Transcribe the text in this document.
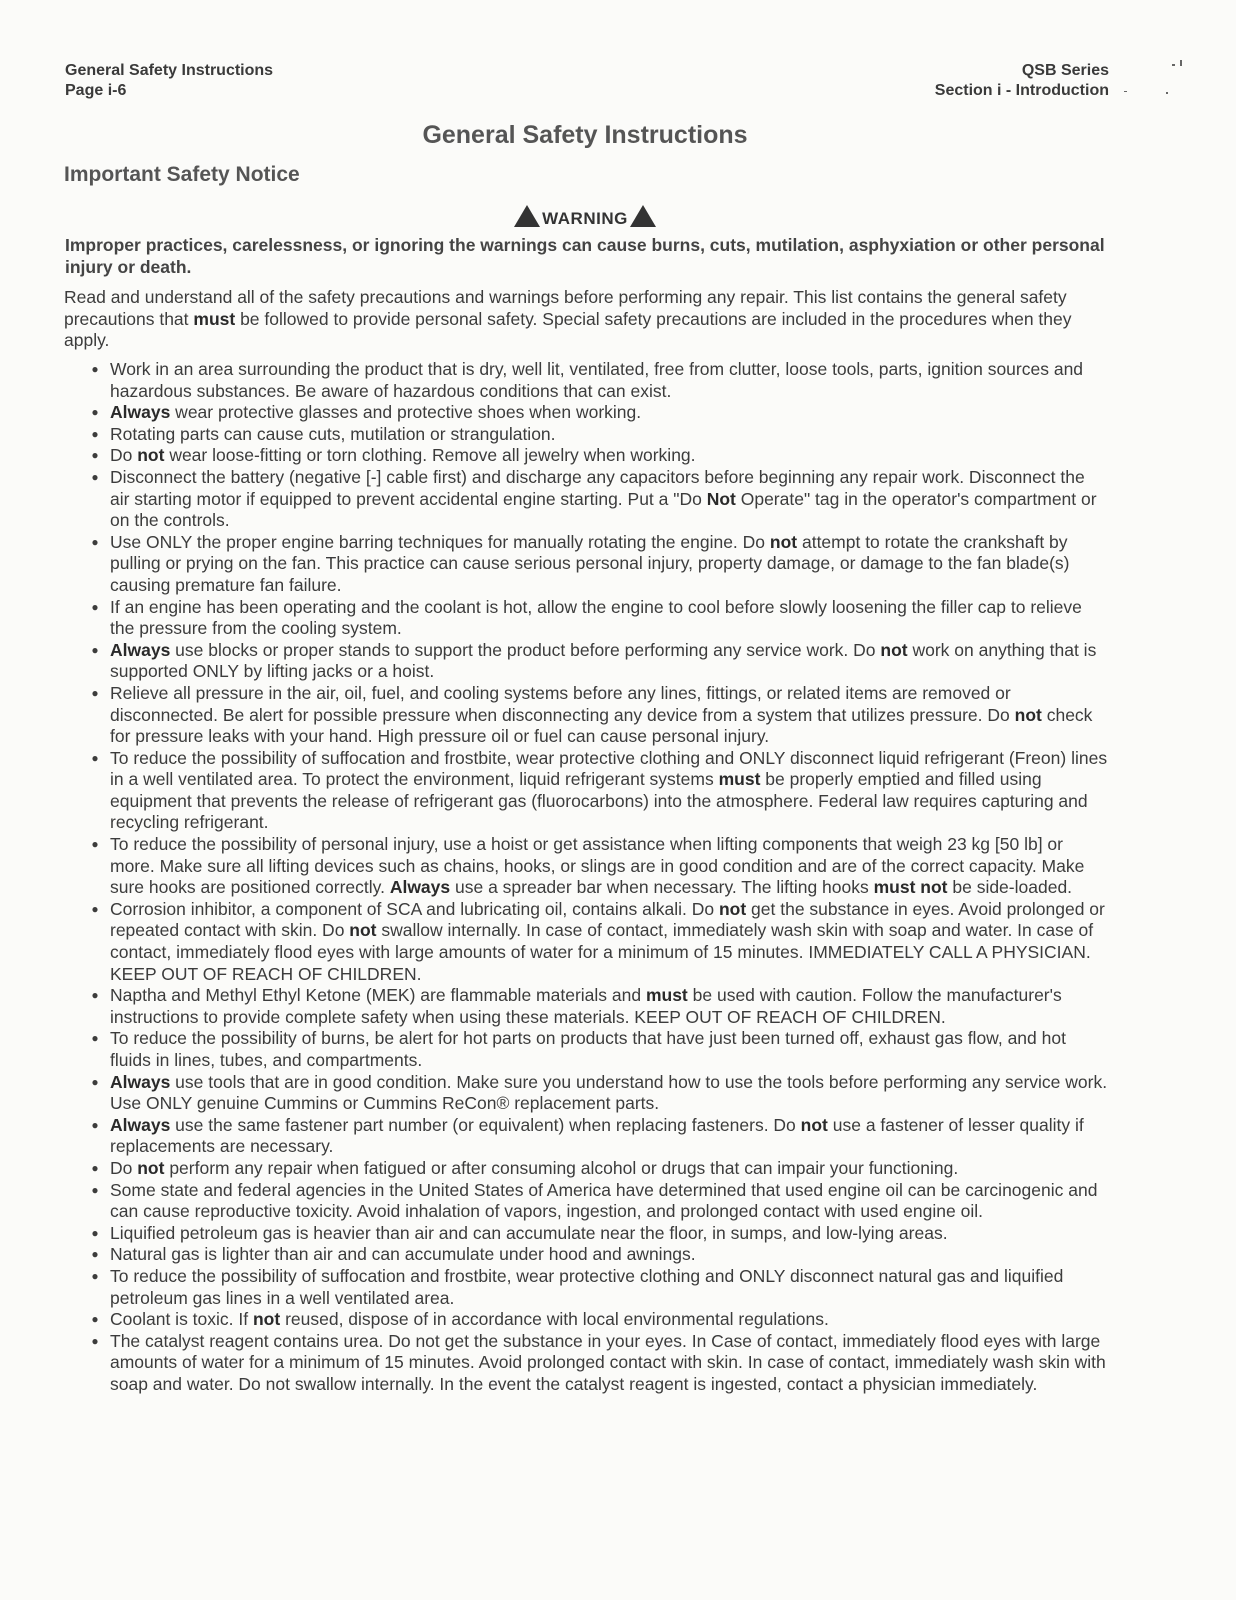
General Safety Instructions
Page i-6
QSB Series
Section i - Introduction
General Safety Instructions
Important Safety Notice
WARNING
Improper practices, carelessness, or ignoring the warnings can cause burns, cuts, mutilation, asphyxiation or other personal injury or death.
Read and understand all of the safety precautions and warnings before performing any repair. This list contains the general safety precautions that must be followed to provide personal safety. Special safety precautions are included in the procedures when they apply.
● Work in an area surrounding the product that is dry, well lit, ventilated, free from clutter, loose tools, parts, ignition sources and hazardous substances. Be aware of hazardous conditions that can exist.
● Always wear protective glasses and protective shoes when working.
● Rotating parts can cause cuts, mutilation or strangulation.
● Do not wear loose-fitting or torn clothing. Remove all jewelry when working.
● Disconnect the battery (negative [-] cable first) and discharge any capacitors before beginning any repair work. Disconnect the air starting motor if equipped to prevent accidental engine starting. Put a "Do Not Operate" tag in the operator's compartment or on the controls.
● Use ONLY the proper engine barring techniques for manually rotating the engine. Do not attempt to rotate the crankshaft by pulling or prying on the fan. This practice can cause serious personal injury, property damage, or damage to the fan blade(s) causing premature fan failure.
● If an engine has been operating and the coolant is hot, allow the engine to cool before slowly loosening the filler cap to relieve the pressure from the cooling system.
● Always use blocks or proper stands to support the product before performing any service work. Do not work on anything that is supported ONLY by lifting jacks or a hoist.
● Relieve all pressure in the air, oil, fuel, and cooling systems before any lines, fittings, or related items are removed or disconnected. Be alert for possible pressure when disconnecting any device from a system that utilizes pressure. Do not check for pressure leaks with your hand. High pressure oil or fuel can cause personal injury.
● To reduce the possibility of suffocation and frostbite, wear protective clothing and ONLY disconnect liquid refrigerant (Freon) lines in a well ventilated area. To protect the environment, liquid refrigerant systems must be properly emptied and filled using equipment that prevents the release of refrigerant gas (fluorocarbons) into the atmosphere. Federal law requires capturing and recycling refrigerant.
● To reduce the possibility of personal injury, use a hoist or get assistance when lifting components that weigh 23 kg [50 lb] or more. Make sure all lifting devices such as chains, hooks, or slings are in good condition and are of the correct capacity. Make sure hooks are positioned correctly. Always use a spreader bar when necessary. The lifting hooks must not be side-loaded.
● Corrosion inhibitor, a component of SCA and lubricating oil, contains alkali. Do not get the substance in eyes. Avoid prolonged or repeated contact with skin. Do not swallow internally. In case of contact, immediately wash skin with soap and water. In case of contact, immediately flood eyes with large amounts of water for a minimum of 15 minutes. IMMEDIATELY CALL A PHYSICIAN. KEEP OUT OF REACH OF CHILDREN.
● Naptha and Methyl Ethyl Ketone (MEK) are flammable materials and must be used with caution. Follow the manufacturer's instructions to provide complete safety when using these materials. KEEP OUT OF REACH OF CHILDREN.
● To reduce the possibility of burns, be alert for hot parts on products that have just been turned off, exhaust gas flow, and hot fluids in lines, tubes, and compartments.
● Always use tools that are in good condition. Make sure you understand how to use the tools before performing any service work. Use ONLY genuine Cummins or Cummins ReCon® replacement parts.
● Always use the same fastener part number (or equivalent) when replacing fasteners. Do not use a fastener of lesser quality if replacements are necessary.
● Do not perform any repair when fatigued or after consuming alcohol or drugs that can impair your functioning.
● Some state and federal agencies in the United States of America have determined that used engine oil can be carcinogenic and can cause reproductive toxicity. Avoid inhalation of vapors, ingestion, and prolonged contact with used engine oil.
● Liquified petroleum gas is heavier than air and can accumulate near the floor, in sumps, and low-lying areas.
● Natural gas is lighter than air and can accumulate under hood and awnings.
● To reduce the possibility of suffocation and frostbite, wear protective clothing and ONLY disconnect natural gas and liquified petroleum gas lines in a well ventilated area.
● Coolant is toxic. If not reused, dispose of in accordance with local environmental regulations.
● The catalyst reagent contains urea. Do not get the substance in your eyes. In Case of contact, immediately flood eyes with large amounts of water for a minimum of 15 minutes. Avoid prolonged contact with skin. In case of contact, immediately wash skin with soap and water. Do not swallow internally. In the event the catalyst reagent is ingested, contact a physician immediately.
